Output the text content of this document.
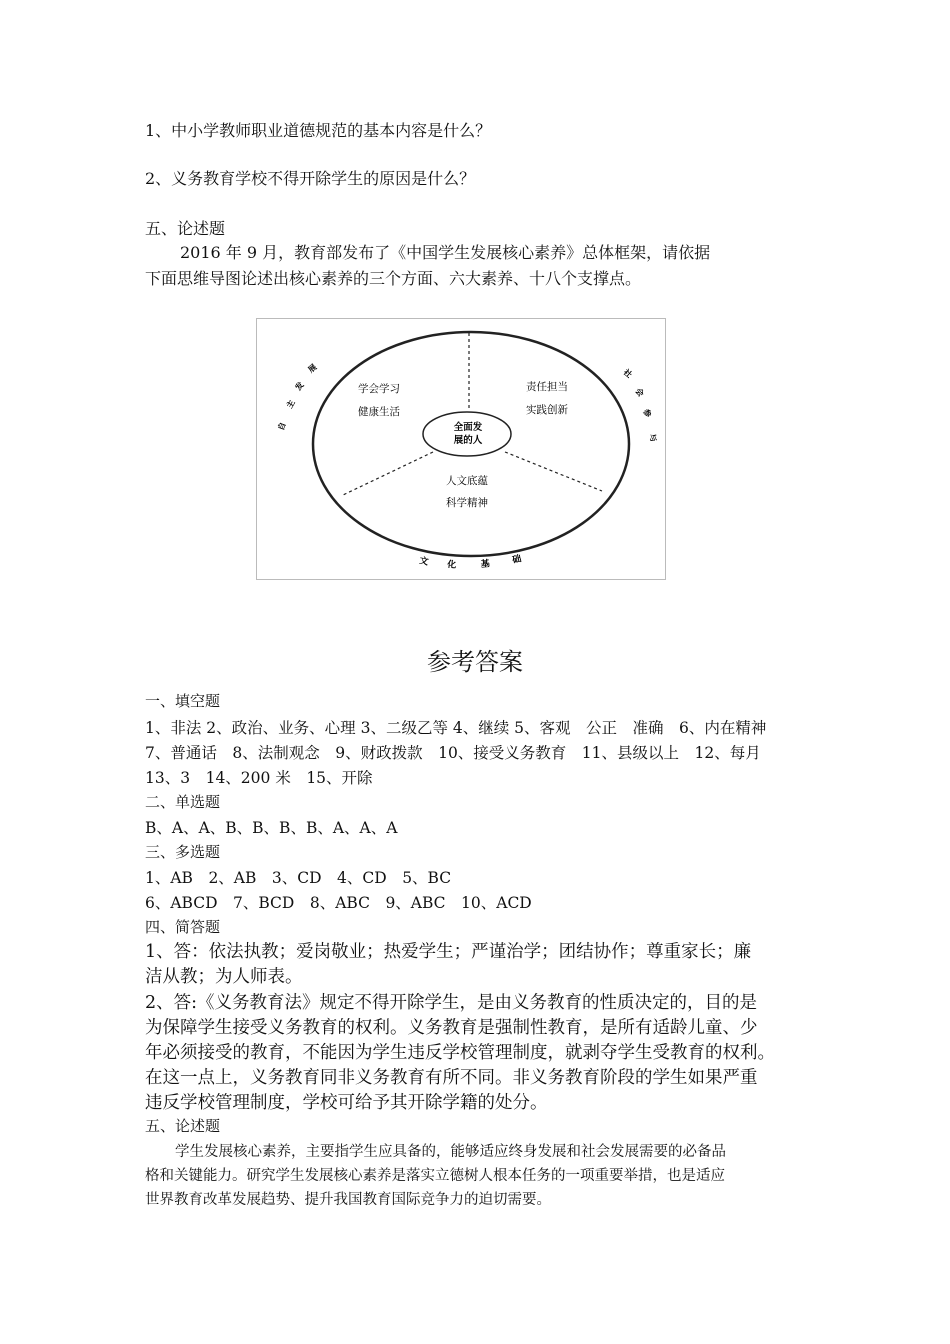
1、中小学教师职业道德规范的基本内容是什么？
2、义务教育学校不得开除学生的原因是什么？
五、论述题
2016 年 9 月，教育部发布了《中国学生发展核心素养》总体框架，请依据
下面思维导图论述出核心素养的三个方面、六大素养、十八个支撑点。
全面发
展的人
学会学习
健康生活
责任担当
实践创新
人文底蕴
科学精神
自
主
发
展	社
会
参
与
文 化	基 础
参考答案
一、填空题
1、非法 2、政治、业务、心理 3、二级乙等 4、继续 5、客观　公正　准确　6、内在精神
7、普通话　8、法制观念　9、财政拨款　10、接受义务教育　11、县级以上　12、每月
13、3　14、200 米　15、开除
二、单选题
B、A、A、B、B、B、B、A、A、A
三、多选题
1、AB　2、AB　3、CD　4、CD　5、BC
6、ABCD　7、BCD　8、ABC　9、ABC　10、ACD
四、简答题
1、答：依法执教；爱岗敬业；热爱学生；严谨治学；团结协作；尊重家长；廉
洁从教；为人师表。
2、答:《义务教育法》规定不得开除学生，是由义务教育的性质决定的，目的是
为保障学生接受义务教育的权利。义务教育是强制性教育，是所有适龄儿童、少
年必须接受的教育，不能因为学生违反学校管理制度，就剥夺学生受教育的权利。
在这一点上，义务教育同非义务教育有所不同。非义务教育阶段的学生如果严重
违反学校管理制度，学校可给予其开除学籍的处分。
五、论述题
学生发展核心素养，主要指学生应具备的，能够适应终身发展和社会发展需要的必备品
格和关键能力。研究学生发展核心素养是落实立德树人根本任务的一项重要举措，也是适应
世界教育改革发展趋势、提升我国教育国际竞争力的迫切需要。
